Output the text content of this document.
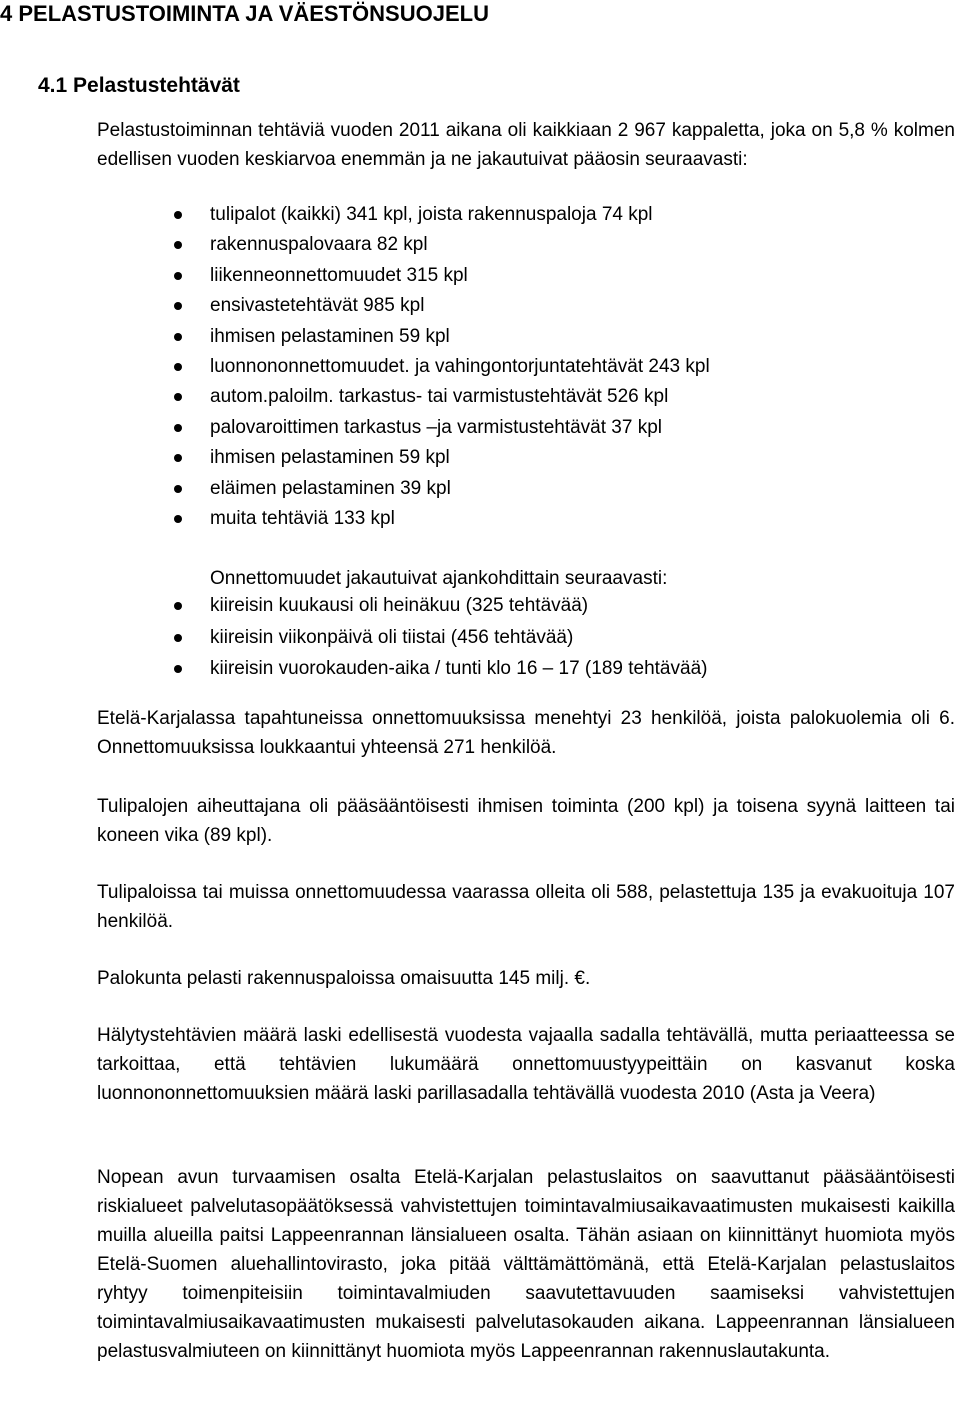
4 PELASTUSTOIMINTA JA VÄESTÖNSUOJELU
4.1 Pelastustehtävät

Pelastustoiminnan tehtäviä vuoden 2011 aikana oli kaikkiaan 2 967 kappaletta, joka on 5,8 % kolmen edellisen vuoden keskiarvoa enemmän ja ne jakautuivat pääosin seuraavasti:

tulipalot (kaikki) 341 kpl, joista rakennuspaloja 74 kpl
rakennuspalovaara 82 kpl
liikenneonnettomuudet 315 kpl
ensivastetehtävät 985 kpl
ihmisen pelastaminen 59 kpl
luonnononnettomuudet. ja vahingontorjuntatehtävät 243 kpl
autom.paloilm. tarkastus- tai varmistustehtävät 526 kpl
palovaroittimen tarkastus –ja varmistustehtävät 37 kpl
ihmisen pelastaminen 59 kpl
eläimen pelastaminen 39 kpl
muita tehtäviä 133 kpl
Onnettomuudet jakautuivat ajankohdittain seuraavasti:
kiireisin kuukausi oli heinäkuu (325 tehtävää)
kiireisin viikonpäivä oli tiistai (456 tehtävää)
kiireisin vuorokauden-aika / tunti klo 16 – 17 (189 tehtävää)

Etelä-Karjalassa tapahtuneissa onnettomuuksissa menehtyi 23 henkilöä, joista palokuolemia oli 6. Onnettomuuksissa loukkaantui yhteensä 271 henkilöä.

Tulipalojen aiheuttajana oli pääsääntöisesti ihmisen toiminta (200 kpl) ja toisena syynä laitteen tai koneen vika (89 kpl).

Tulipaloissa tai muissa onnettomuudessa vaarassa olleita oli 588, pelastettuja 135 ja evakuoituja 107 henkilöä.

Palokunta pelasti rakennuspaloissa omaisuutta 145 milj. €.

Hälytystehtävien määrä laski edellisestä vuodesta vajaalla sadalla tehtävällä, mutta periaatteessa se tarkoittaa, että tehtävien lukumäärä onnettomuustyypeittäin on kasvanut koska luonnononnettomuuksien määrä laski parillasadalla tehtävällä vuodesta 2010 (Asta ja Veera)

Nopean avun turvaamisen osalta Etelä-Karjalan pelastuslaitos on saavuttanut pääsääntöisesti riskialueet palvelutasopäätöksessä vahvistettujen toimintavalmiusaikavaatimusten mukaisesti kaikilla muilla alueilla paitsi Lappeenrannan länsialueen osalta. Tähän asiaan on kiinnittänyt huomiota myös Etelä-Suomen aluehallintovirasto, joka pitää välttämättömänä, että Etelä-Karjalan pelastuslaitos ryhtyy toimenpiteisiin toimintavalmiuden saavutettavuuden saamiseksi vahvistettujen toimintavalmiusaikavaatimusten mukaisesti palvelutasokauden aikana. Lappeenrannan länsialueen pelastusvalmiuteen on kiinnittänyt huomiota myös Lappeenrannan rakennuslautakunta.
